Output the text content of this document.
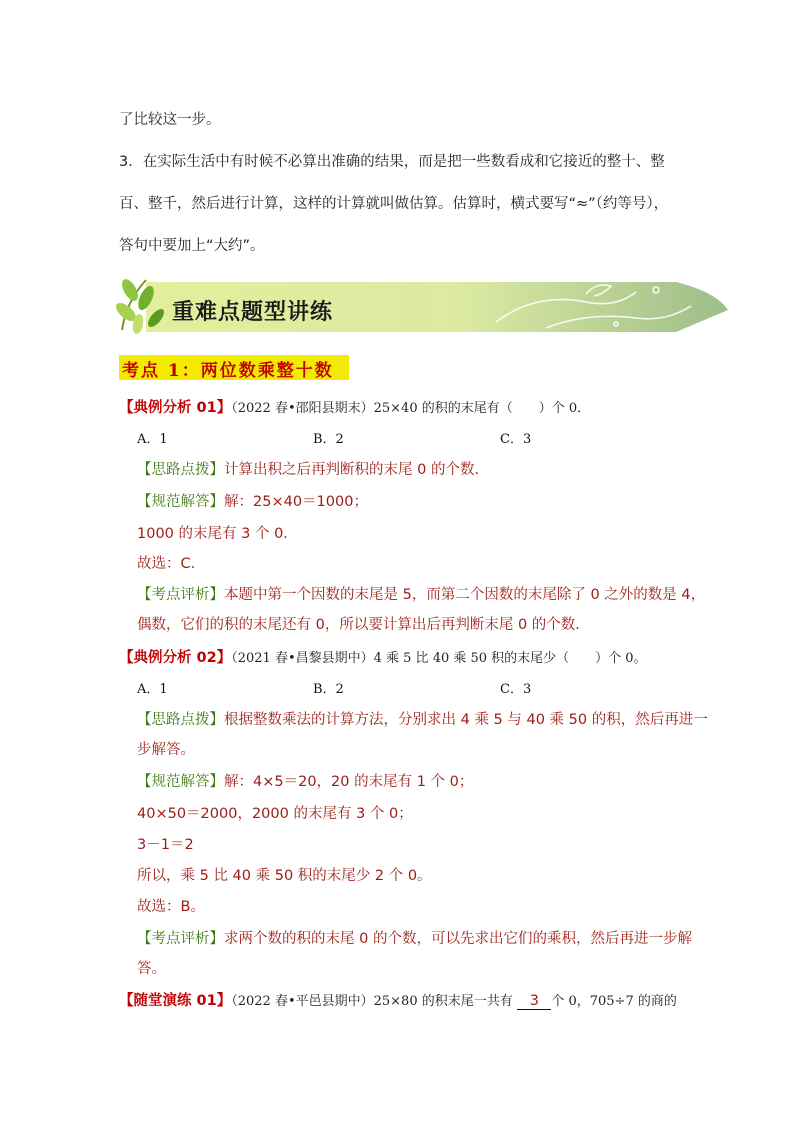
了比较这一步。
3．在实际生活中有时候不必算出准确的结果，而是把一些数看成和它接近的整十、整
百、整千，然后进行计算，这样的计算就叫做估算。估算时，横式要写“≈”（约等号），
答句中要加上“大约”。
重难点题型讲练
考点 1：两位数乘整十数
【典例分析 01】（2022 春•邵阳县期末）25×40 的积的末尾有（　　）个 0．
A．1	B．2	C．3
【思路点拨】计算出积之后再判断积的末尾 0 的个数．
【规范解答】解：25×40＝1000；
1000 的末尾有 3 个 0．
故选：C．
【考点评析】本题中第一个因数的末尾是 5，而第二个因数的末尾除了 0 之外的数是 4，
偶数，它们的积的末尾还有 0，所以要计算出后再判断末尾 0 的个数．
【典例分析 02】（2021 春•昌黎县期中）4 乘 5 比 40 乘 50 积的末尾少（　　）个 0。
A．1	B．2	C．3
【思路点拨】根据整数乘法的计算方法，分别求出 4 乘 5 与 40 乘 50 的积，然后再进一
步解答。
【规范解答】解：4×5＝20，20 的末尾有 1 个 0；
40×50＝2000，2000 的末尾有 3 个 0；
3－1＝2
所以，乘 5 比 40 乘 50 积的末尾少 2 个 0。
故选：B。
【考点评析】求两个数的积的末尾 0 的个数，可以先求出它们的乘积，然后再进一步解
答。
【随堂演练 01】（2022 春•平邑县期中）25×80 的积末尾一共有 3 个 0，705÷7 的商的
